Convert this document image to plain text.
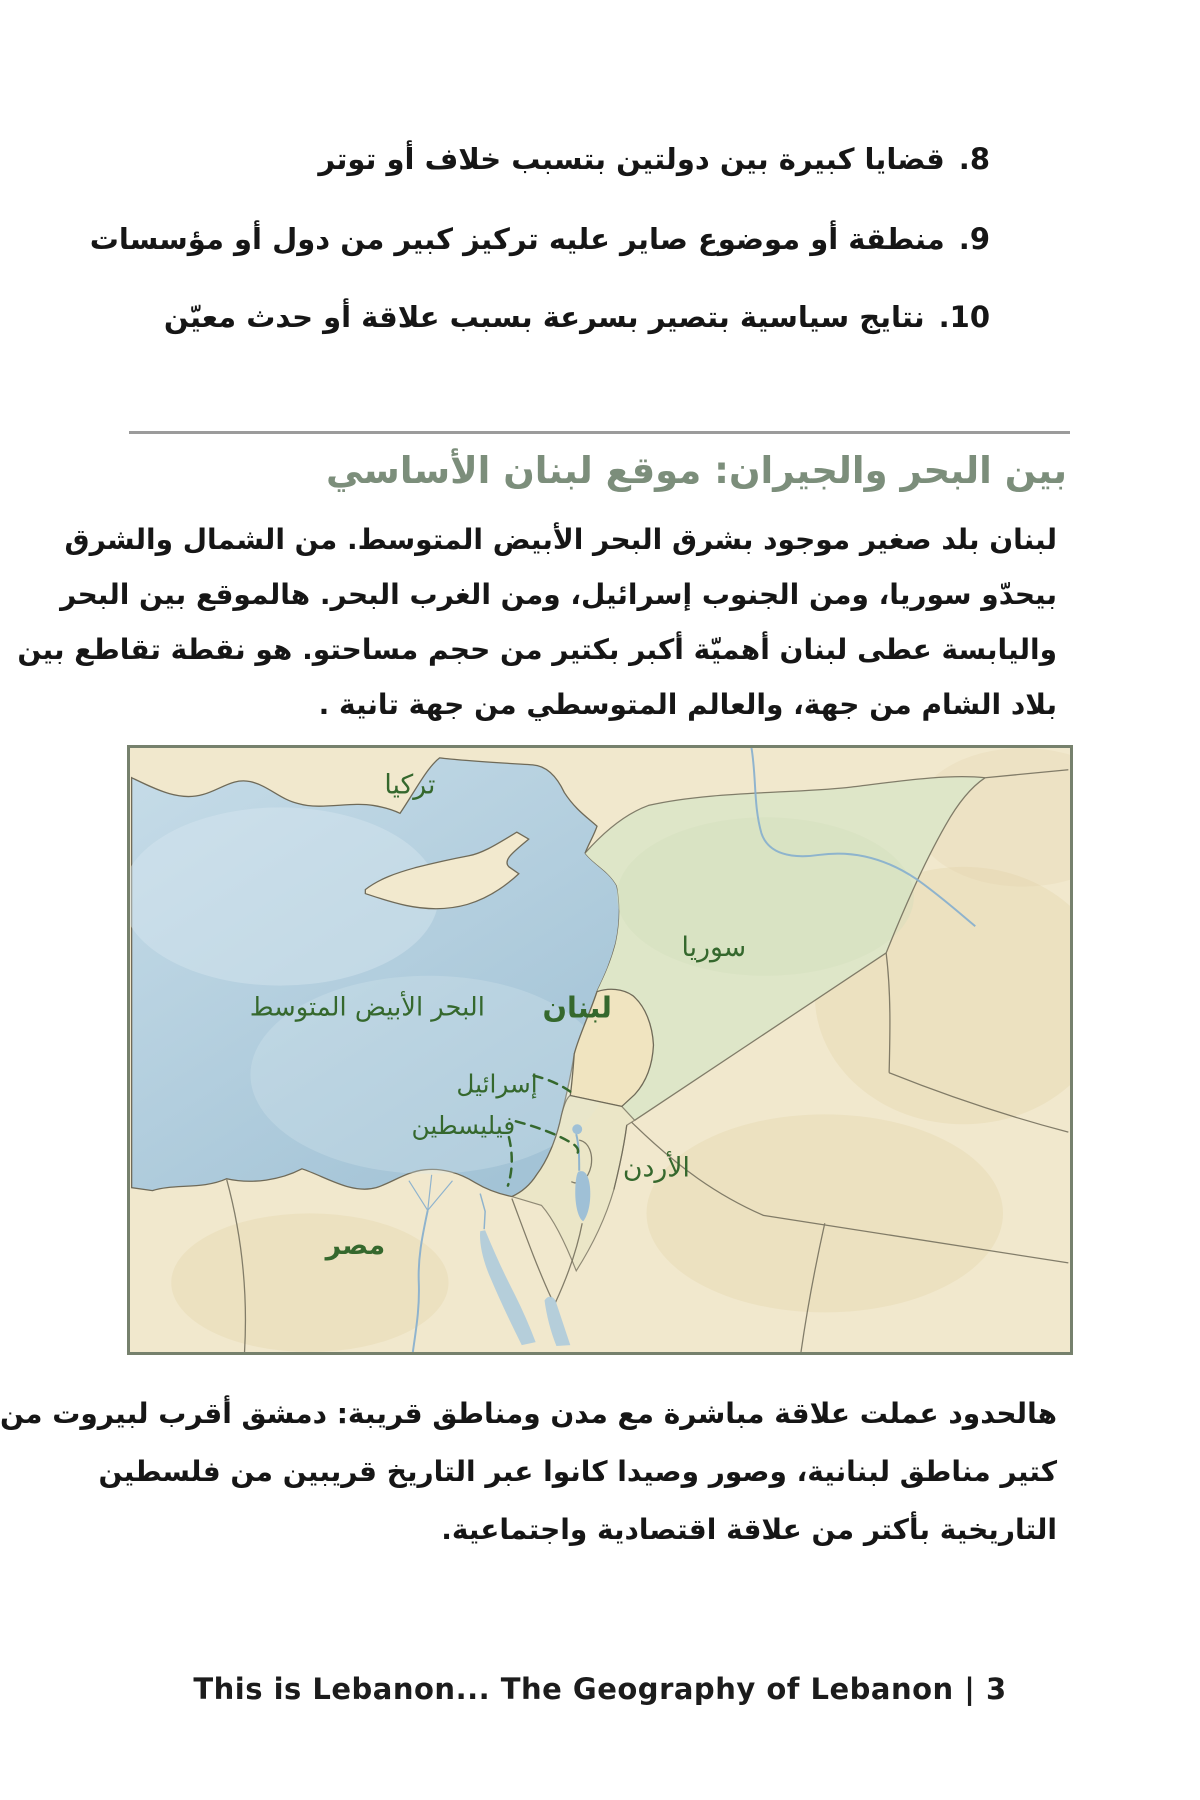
8.قضايا كبيرة بين دولتين بتسبب خلاف أو توتر
9.منطقة أو موضوع صاير عليه تركيز كبير من دول أو مؤسسات
10.نتايج سياسية بتصير بسرعة بسبب علاقة أو حدث معيّن
بين البحر والجيران: موقع لبنان الأساسي
لبنان بلد صغير موجود بشرق البحر الأبيض المتوسط. من الشمال والشرق
بيحدّو سوريا، ومن الجنوب إسرائيل، ومن الغرب البحر. هالموقع بين البحر
واليابسة عطى لبنان أهميّة أكبر بكتير من حجم مساحتو. هو نقطة تقاطع بين
بلاد الشام من جهة، والعالم المتوسطي من جهة تانية .
تركيا
سوريا
لبنان
البحر الأبيض المتوسط
إسرائيل
فيليسطين
الأردن
مصر
هالحدود عملت علاقة مباشرة مع مدن ومناطق قريبة: دمشق أقرب لبيروت من
كتير مناطق لبنانية، وصور وصيدا كانوا عبر التاريخ قريبين من فلسطين
التاريخية بأكتر من علاقة اقتصادية واجتماعية.
This is Lebanon... The Geography of Lebanon | 3
